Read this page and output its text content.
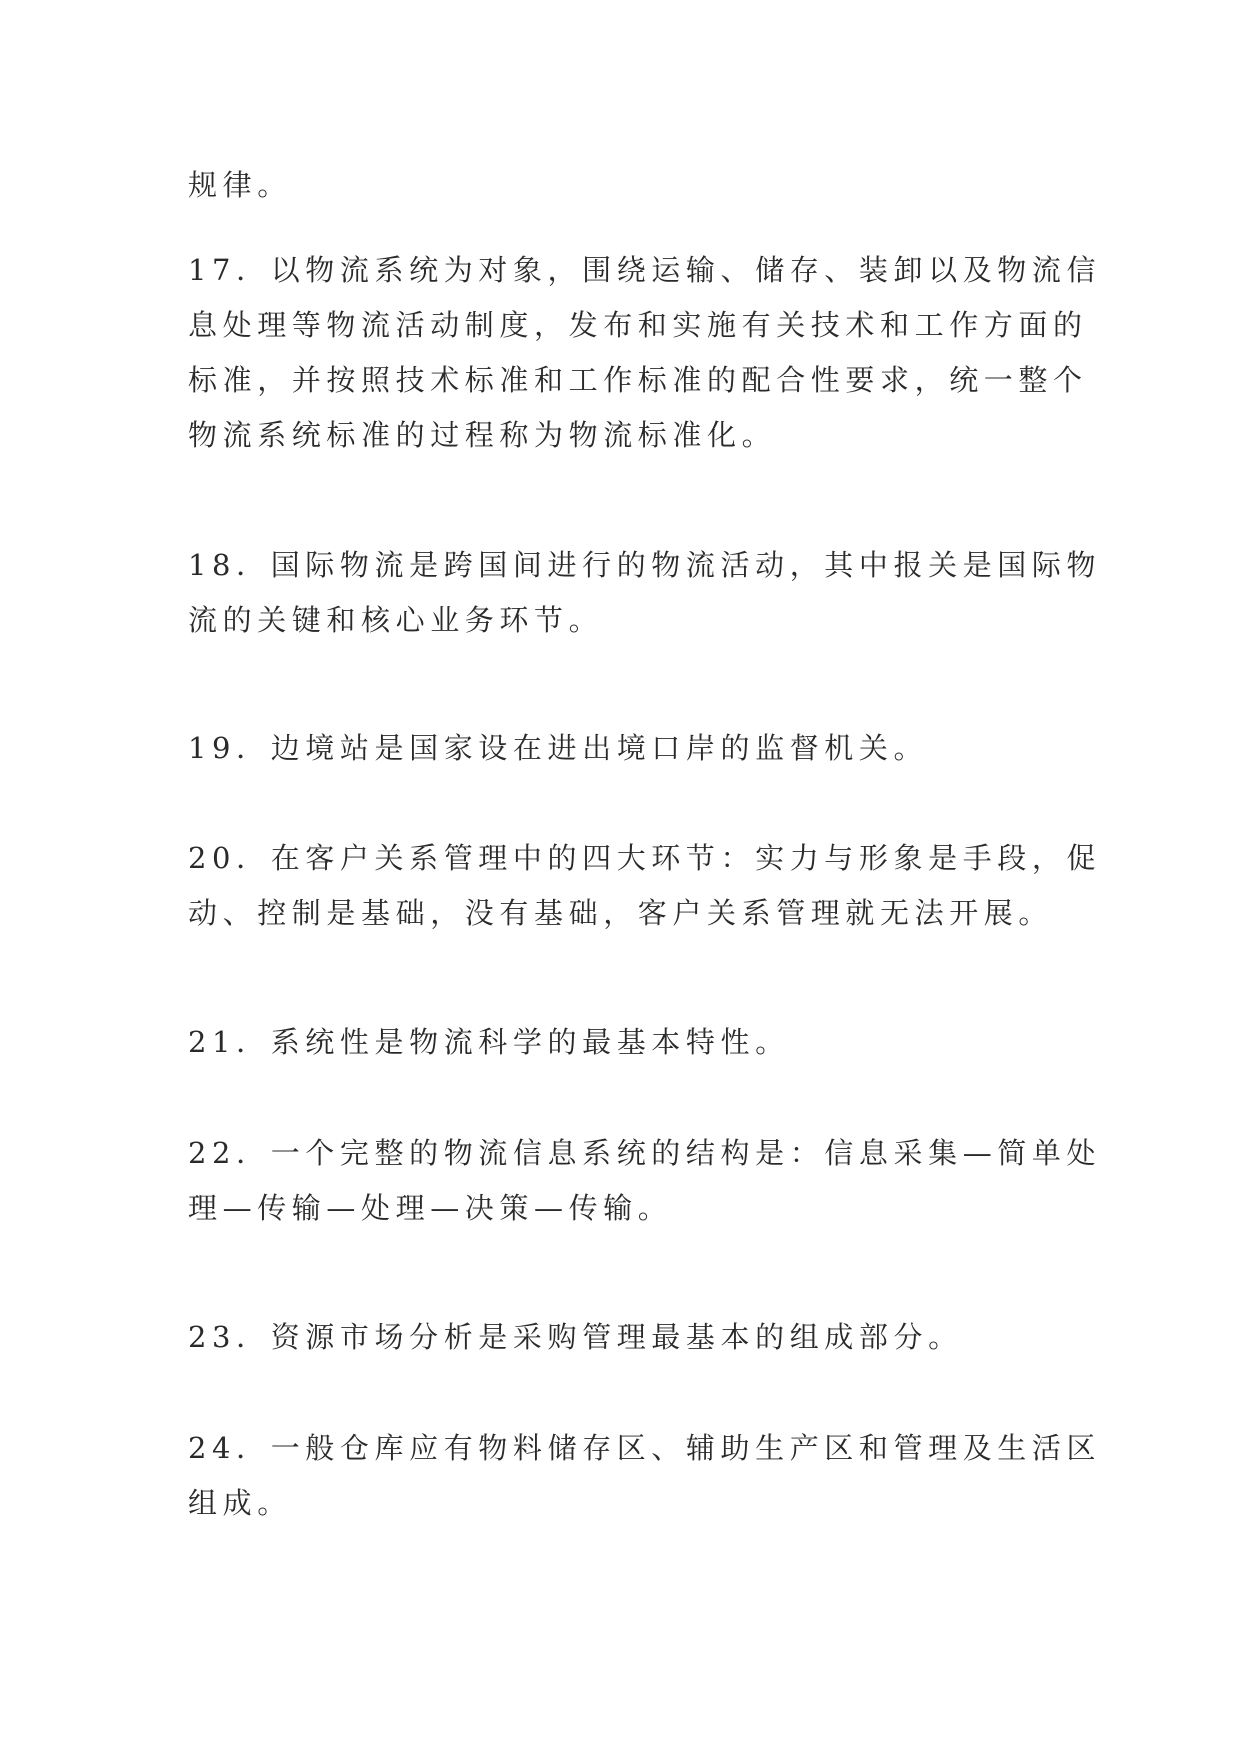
规律。

17．以物流系统为对象，围绕运输、储存、装卸以及物流信

息处理等物流活动制度，发布和实施有关技术和工作方面的

标准，并按照技术标准和工作标准的配合性要求，统一整个

物流系统标准的过程称为物流标准化。

18．国际物流是跨国间进行的物流活动，其中报关是国际物

流的关键和核心业务环节。

19．边境站是国家设在进出境口岸的监督机关。

20．在客户关系管理中的四大环节：实力与形象是手段，促

动、控制是基础，没有基础，客户关系管理就无法开展。

21．系统性是物流科学的最基本特性。

22．一个完整的物流信息系统的结构是：信息采集—简单处

理—传输—处理—决策—传输。

23．资源市场分析是采购管理最基本的组成部分。

24．一般仓库应有物料储存区、辅助生产区和管理及生活区

组成。
